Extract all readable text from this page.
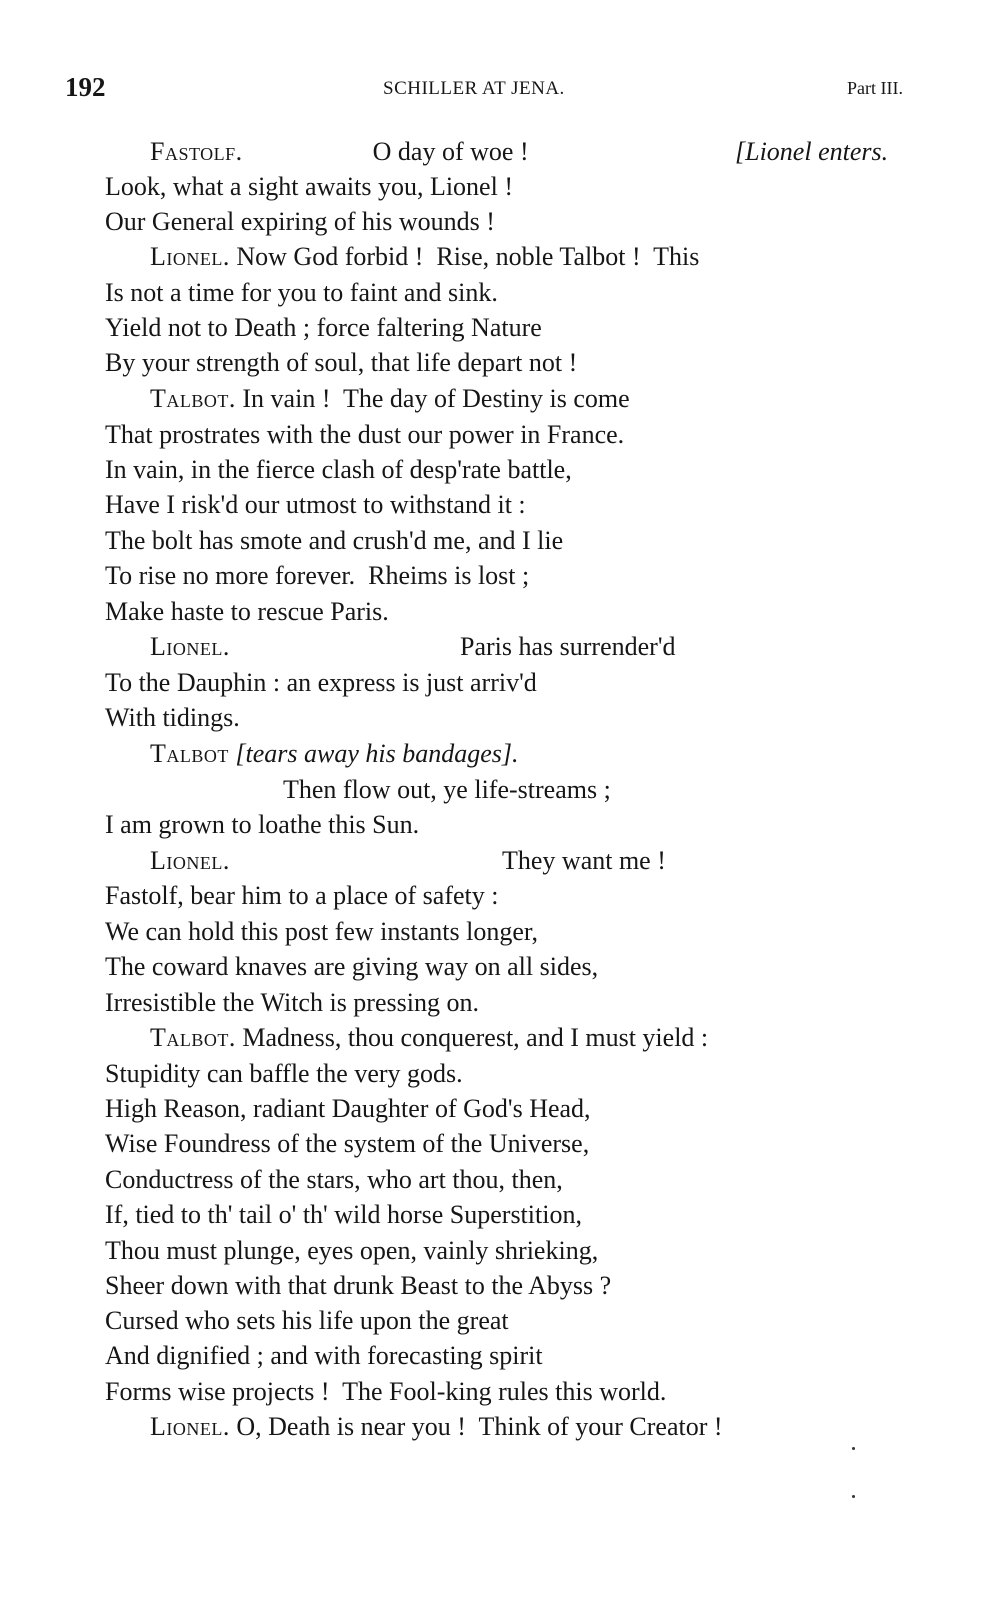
192	SCHILLER AT JENA.	Part III.
Fastolf.	O day of woe !	[Lionel enters.
Look, what a sight awaits you, Lionel !
Our General expiring of his wounds !
Lionel. Now God forbid !  Rise, noble Talbot !  This
Is not a time for you to faint and sink.
Yield not to Death ; force faltering Nature
By your strength of soul, that life depart not !
Talbot. In vain !  The day of Destiny is come
That prostrates with the dust our power in France.
In vain, in the fierce clash of desp'rate battle,
Have I risk'd our utmost to withstand it :
The bolt has smote and crush'd me, and I lie
To rise no more forever.  Rheims is lost ;
Make haste to rescue Paris.
Lionel.	Paris has surrender'd
To the Dauphin : an express is just arriv'd
With tidings.
Talbot [tears away his bandages].
Then flow out, ye life-streams ;
I am grown to loathe this Sun.
Lionel.	They want me !
Fastolf, bear him to a place of safety :
We can hold this post few instants longer,
The coward knaves are giving way on all sides,
Irresistible the Witch is pressing on.
Talbot. Madness, thou conquerest, and I must yield :
Stupidity can baffle the very gods.
High Reason, radiant Daughter of God's Head,
Wise Foundress of the system of the Universe,
Conductress of the stars, who art thou, then,
If, tied to th' tail o' th' wild horse Superstition,
Thou must plunge, eyes open, vainly shrieking,
Sheer down with that drunk Beast to the Abyss ?
Cursed who sets his life upon the great
And dignified ; and with forecasting spirit
Forms wise projects !  The Fool-king rules this world.
Lionel. O, Death is near you !  Think of your Creator !
